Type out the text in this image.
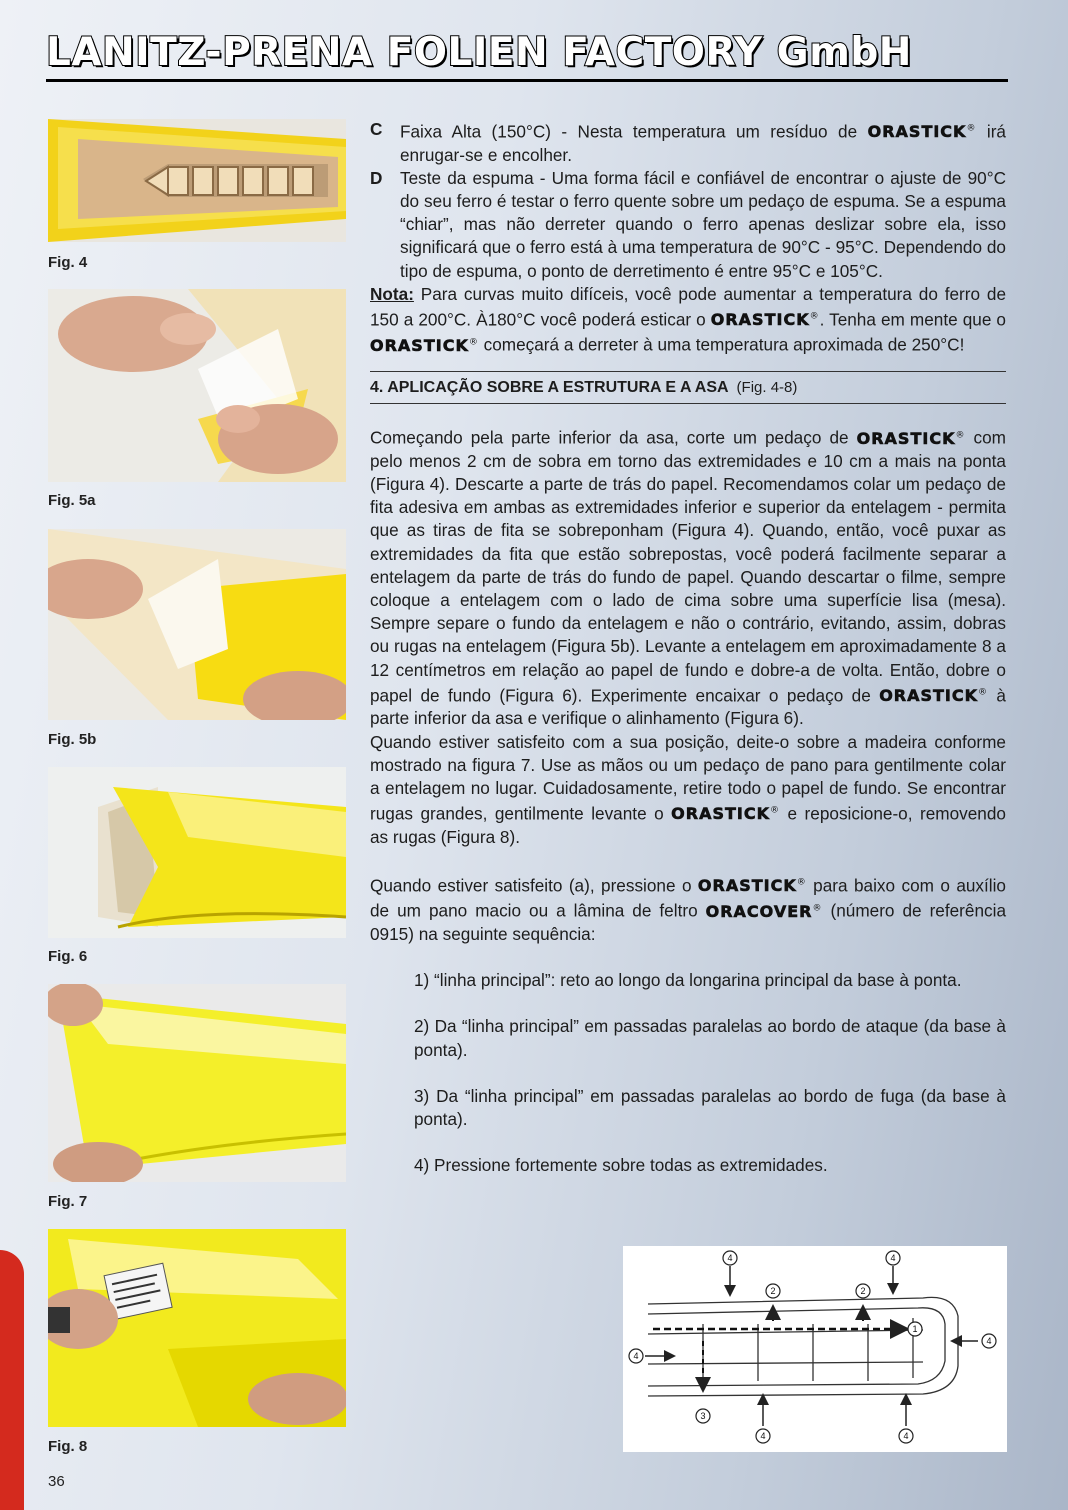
LANITZ-PRENA FOLIEN FACTORY GmbH
Fig. 4
Fig. 5a
Fig. 5b
Fig. 6
Fig. 7
Fig. 8
C	Faixa Alta (150°C) - Nesta temperatura um resíduo de ORASTICK® irá enrugar-se e encolher.
D	Teste da espuma - Uma forma fácil e confiável de encontrar o ajuste de 90°C do seu ferro é testar o ferro quente sobre um pedaço de espuma. Se a espuma “chiar”, mas não derreter quando o ferro apenas deslizar sobre ela, isso significará que o ferro está à uma temperatura de 90°C - 95°C. Dependendo do tipo de espuma, o ponto de derretimento é entre 95°C e 105°C.

Nota: Para curvas muito difíceis, você pode aumentar a temperatura do ferro de 150 a 200°C. À180°C você poderá esticar o ORASTICK®. Tenha em mente que o ORASTICK® começará a derreter à uma temperatura aproximada de 250°C!

4. APLICAÇÃO SOBRE A ESTRUTURA E A ASA (Fig. 4-8)

Começando pela parte inferior da asa, corte um pedaço de ORASTICK® com pelo menos 2 cm de sobra em torno das extremidades e 10 cm a mais na ponta (Figura 4). Descarte a parte de trás do papel. Recomendamos colar um pedaço de fita adesiva em ambas as extremidades inferior e superior da entelagem - permita que as tiras de fita se sobreponham (Figura 4). Quando, então, você puxar as extremidades da fita que estão sobrepostas, você poderá facilmente separar a entelagem da parte de trás do fundo de papel. Quando descartar o filme, sempre coloque a entelagem com o lado de cima sobre uma superfície lisa (mesa). Sempre separe o fundo da entelagem e não o contrário, evitando, assim, dobras ou rugas na entelagem (Figura 5b). Levante a entelagem em aproximadamente 8 a 12 centímetros em relação ao papel de fundo e dobre-a de volta. Então, dobre o papel de fundo (Figura 6). Experimente encaixar o pedaço de ORASTICK® à parte inferior da asa e verifique o alinhamento (Figura 6).

Quando estiver satisfeito com a sua posição, deite-o sobre a madeira conforme mostrado na figura 7. Use as mãos ou um pedaço de pano para gentilmente colar a entelagem no lugar. Cuidadosamente, retire todo o papel de fundo. Se encontrar rugas grandes, gentilmente levante o ORASTICK® e reposicione-o, removendo as rugas (Figura 8).

Quando estiver satisfeito (a), pressione o ORASTICK® para baixo com o auxílio de um pano macio ou a lâmina de feltro ORACOVER® (número de referência 0915) na seguinte sequência:

1) “linha principal”: reto ao longo da longarina principal da base à ponta.

2) Da “linha principal” em passadas paralelas ao bordo de ataque (da base à ponta).

3) Da “linha principal” em passadas paralelas ao bordo de fuga (da base à ponta).

4) Pressione fortemente sobre todas as extremidades.

4	4
4
4
4	4
1
2	2
3
36
